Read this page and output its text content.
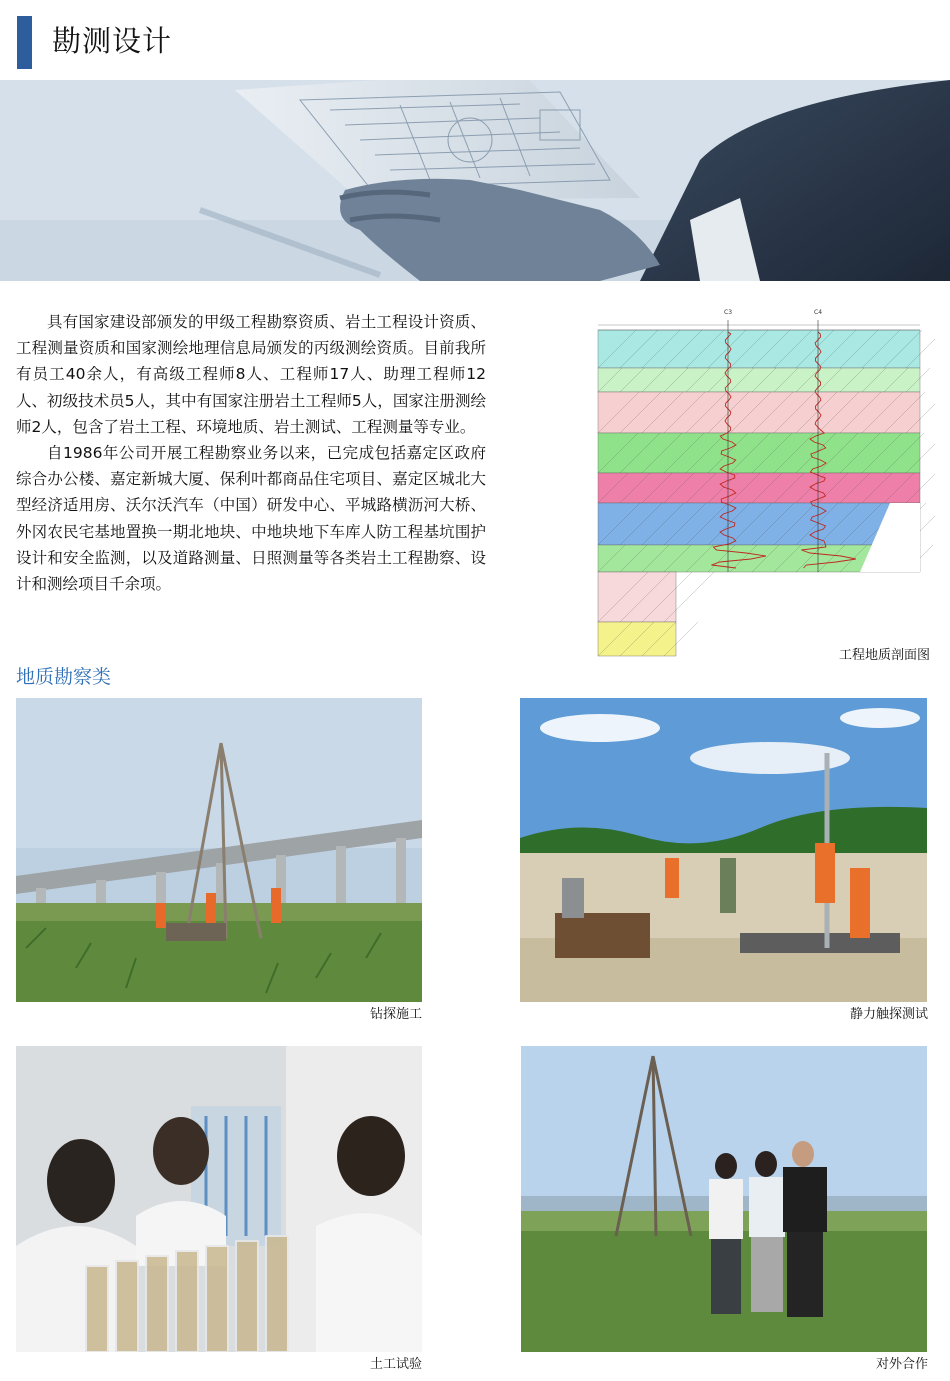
勘测设计

具有国家建设部颁发的甲级工程勘察资质、岩土工程设计资质、工程测量资质和国家测绘地理信息局颁发的丙级测绘资质。目前我所有员工40余人，有高级工程师8人、工程师17人、助理工程师12人、初级技术员5人，其中有国家注册岩土工程师5人，国家注册测绘师2人，包含了岩土工程、环境地质、岩土测试、工程测量等专业。

自1986年公司开展工程勘察业务以来，已完成包括嘉定区政府综合办公楼、嘉定新城大厦、保利叶都商品住宅项目、嘉定区城北大型经济适用房、沃尔沃汽车（中国）研发中心、平城路横沥河大桥、外冈农民宅基地置换一期北地块、中地块地下车库人防工程基坑围护设计和安全监测，以及道路测量、日照测量等各类岩土工程勘察、设计和测绘项目千余项。

C3	C4
工程地质剖面图
地质勘察类
钻探施工	静力触探测试
土工试验	对外合作
